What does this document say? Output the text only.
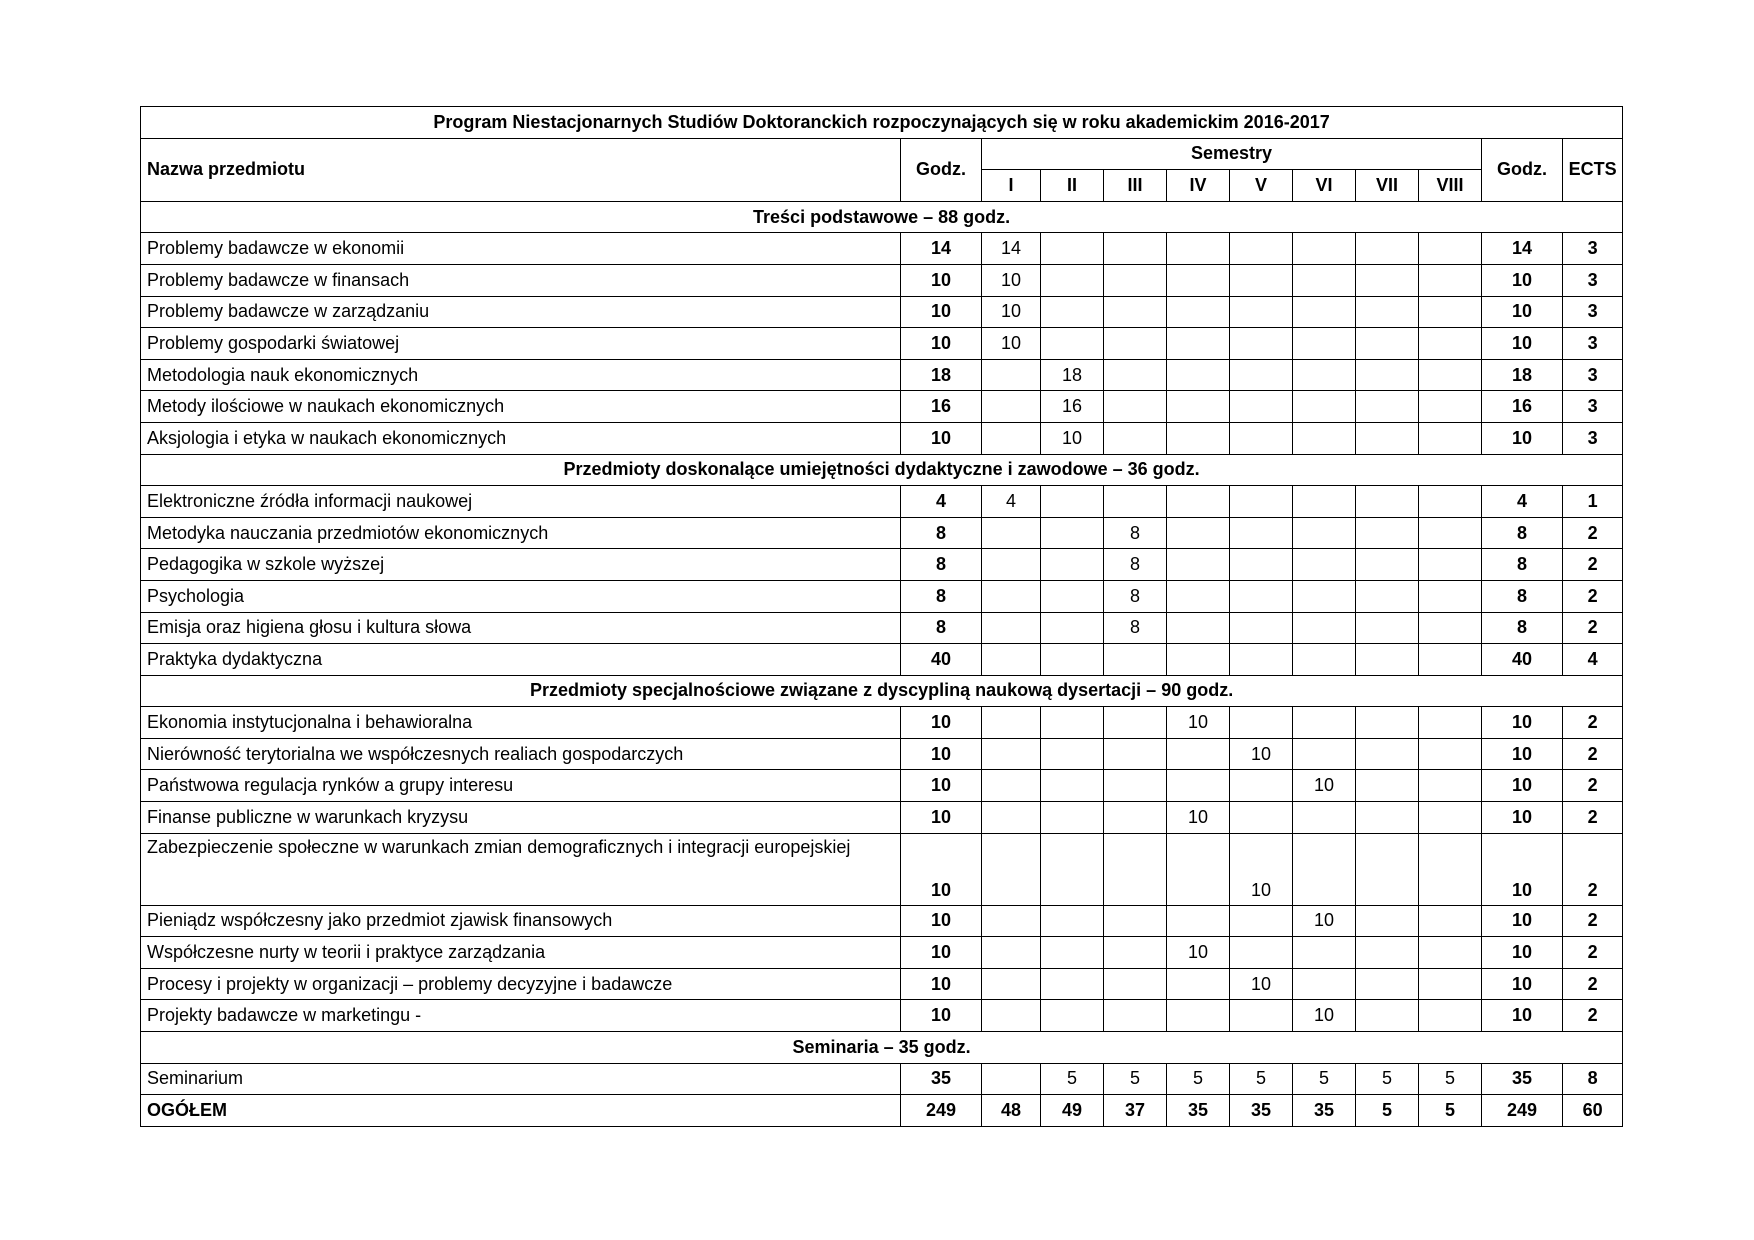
Program Niestacjonarnych Studiów Doktoranckich rozpoczynających się w roku akademickim 2016-2017											
Nazwa przedmiotu	Godz.	Semestry								Godz.	ECTS
		I	II	III	IV	V	VI	VII	VIII		
Treści podstawowe – 88 godz.											
Problemy badawcze w ekonomii	14	14								14	3
Problemy badawcze w finansach	10	10								10	3
Problemy badawcze w zarządzaniu	10	10								10	3
Problemy gospodarki światowej	10	10								10	3
Metodologia nauk ekonomicznych	18		18							18	3
Metody ilościowe w naukach ekonomicznych	16		16							16	3
Aksjologia i etyka w naukach ekonomicznych	10		10							10	3
Przedmioty doskonalące umiejętności dydaktyczne i zawodowe – 36 godz.											
Elektroniczne źródła informacji naukowej	4	4								4	1
Metodyka nauczania przedmiotów ekonomicznych	8			8						8	2
Pedagogika w szkole wyższej	8			8						8	2
Psychologia	8			8						8	2
Emisja oraz higiena głosu i kultura słowa	8			8						8	2
Praktyka dydaktyczna	40									40	4
Przedmioty specjalnościowe związane z dyscypliną naukową dysertacji – 90 godz.											
Ekonomia instytucjonalna i behawioralna	10				10					10	2
Nierówność terytorialna we współczesnych realiach gospodarczych	10					10				10	2
Państwowa regulacja rynków a grupy interesu	10						10			10	2
Finanse publiczne w warunkach kryzysu	10				10					10	2
Zabezpieczenie społeczne w warunkach zmian demograficznych i integracji europejskiej	10					10				10	2
Pieniądz współczesny jako przedmiot zjawisk finansowych	10						10			10	2
Współczesne nurty w teorii i praktyce zarządzania	10				10					10	2
Procesy i projekty w organizacji – problemy decyzyjne i badawcze	10					10				10	2
Projekty badawcze w marketingu -	10						10			10	2
Seminaria – 35 godz.											
Seminarium	35		5	5	5	5	5	5	5	35	8
OGÓŁEM	249	48	49	37	35	35	35	5	5	249	60
